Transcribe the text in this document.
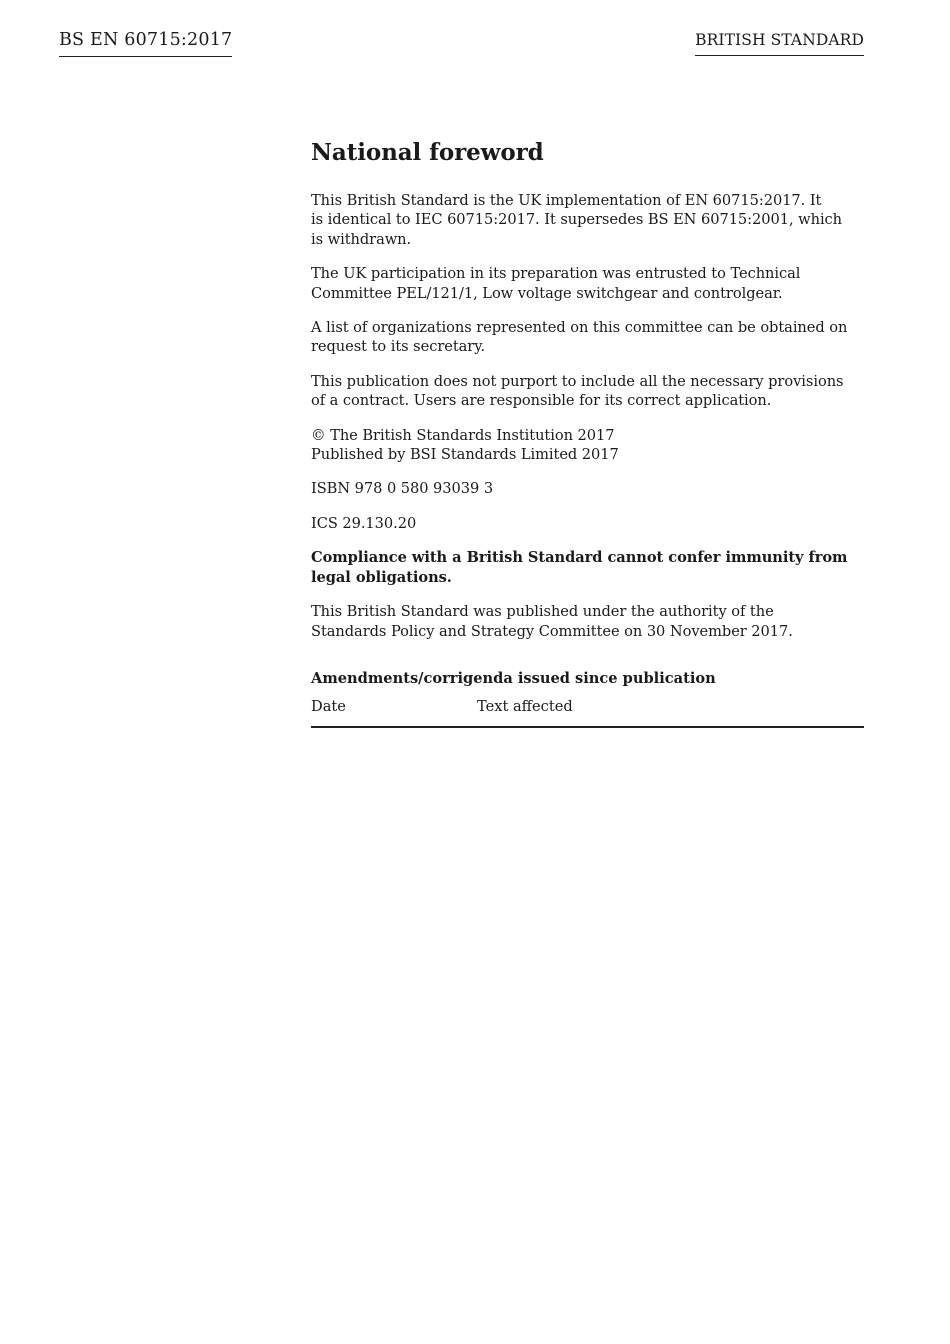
BS EN 60715:2017	BRITISH STANDARD
National foreword

This British Standard is the UK implementation of EN 60715:2017. It
is identical to IEC 60715:2017. It supersedes BS EN 60715:2001, which
is withdrawn.

The UK participation in its preparation was entrusted to Technical
Committee PEL/121/1, Low voltage switchgear and controlgear.

A list of organizations represented on this committee can be obtained on
request to its secretary.

This publication does not purport to include all the necessary provisions
of a contract. Users are responsible for its correct application.

© The British Standards Institution 2017
Published by BSI Standards Limited 2017

ISBN 978 0 580 93039 3

ICS 29.130.20

Compliance with a British Standard cannot confer immunity from
legal obligations.

This British Standard was published under the authority of the
Standards Policy and Strategy Committee on 30 November 2017.

Amendments/corrigenda issued since publication
Date	Text affected
